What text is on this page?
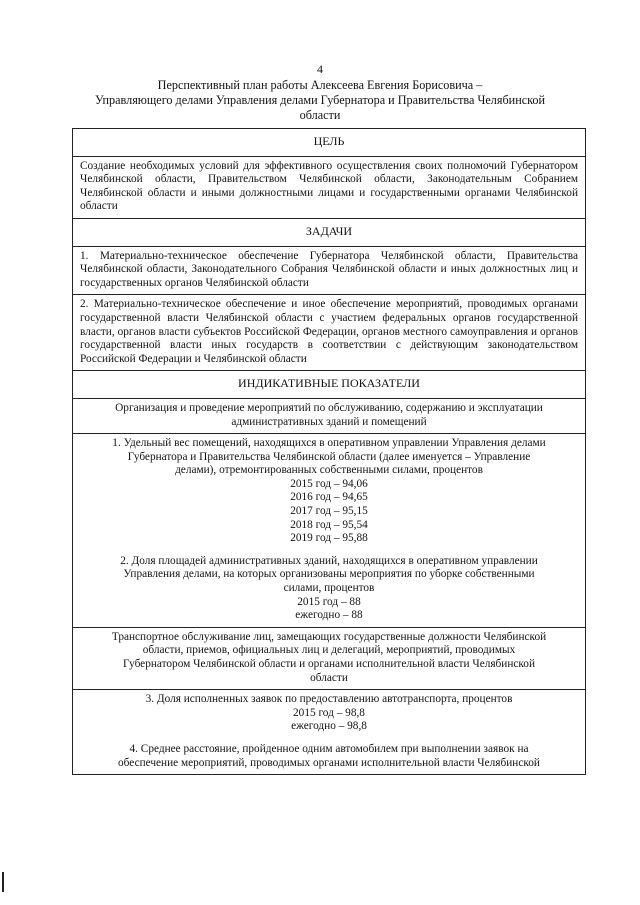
4
Перспективный план работы Алексеева Евгения Борисовича –
Управляющего делами Управления делами Губернатора и Правительства Челябинской
области
ЦЕЛЬ
Создание необходимых условий для эффективного осуществления своих полномочий Губернатором Челябинской области, Правительством Челябинской области, Законодательным Собранием Челябинской области и иными должностными лицами и государственными органами Челябинской области
ЗАДАЧИ
1. Материально-техническое обеспечение Губернатора Челябинской области, Правительства Челябинской области, Законодательного Собрания Челябинской области и иных должностных лиц и государственных органов Челябинской области
2. Материально-техническое обеспечение и иное обеспечение мероприятий, проводимых органами государственной власти Челябинской области с участием федеральных органов государственной власти, органов власти субъектов Российской Федерации, органов местного самоуправления и органов государственной власти иных государств в соответствии с действующим законодательством Российской Федерации и Челябинской области
ИНДИКАТИВНЫЕ ПОКАЗАТЕЛИ

Организация и проведение мероприятий по обслуживанию, содержанию и эксплуатации
административных зданий и помещений

1. Удельный вес помещений, находящихся в оперативном управлении Управления делами
Губернатора и Правительства Челябинской области (далее именуется – Управление
делами), отремонтированных собственными силами, процентов
2015 год – 94,06
2016 год – 94,65
2017 год – 95,15
2018 год – 95,54
2019 год – 95,88
2. Доля площадей административных зданий, находящихся в оперативном управлении
Управления делами, на которых организованы мероприятия по уборке собственными
силами, процентов
2015 год – 88
ежегодно – 88

Транспортное обслуживание лиц, замещающих государственные должности Челябинской
области, приемов, официальных лиц и делегаций, мероприятий, проводимых
Губернатором Челябинской области и органами исполнительной власти Челябинской
области

3. Доля исполненных заявок по предоставлению автотранспорта, процентов
2015 год – 98,8
ежегодно – 98,8
4. Среднее расстояние, пройденное одним автомобилем при выполнении заявок на
обеспечение мероприятий, проводимых органами исполнительной власти Челябинской
